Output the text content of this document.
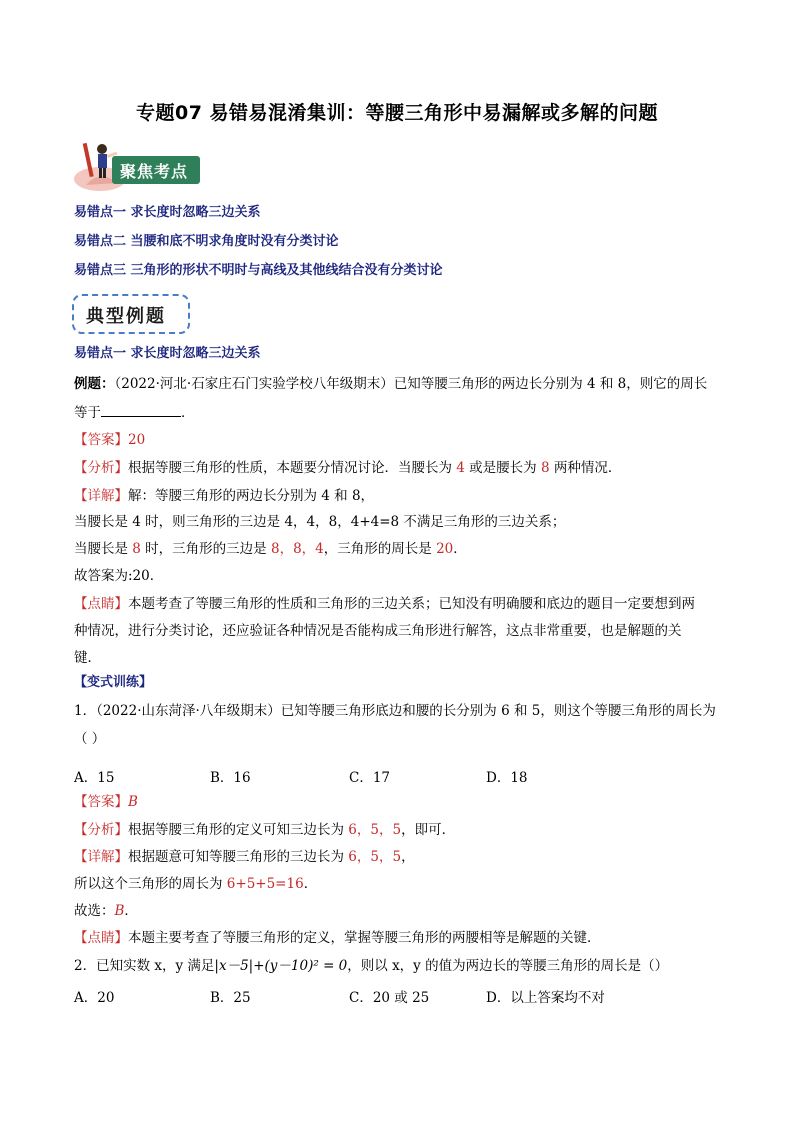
专题07 易错易混淆集训：等腰三角形中易漏解或多解的问题
聚焦考点
易错点一 求长度时忽略三边关系
易错点二 当腰和底不明求角度时没有分类讨论
易错点三 三角形的形状不明时与高线及其他线结合没有分类讨论
典型例题
易错点一 求长度时忽略三边关系
例题：（2022·河北·石家庄石门实验学校八年级期末）已知等腰三角形的两边长分别为 4 和 8，则它的周长
等于	．
【答案】20
【分析】根据等腰三角形的性质，本题要分情况讨论．当腰长为 4 或是腰长为 8 两种情况．
【详解】解：等腰三角形的两边长分别为 4 和 8，
当腰长是 4 时，则三角形的三边是 4，4，8，4+4=8 不满足三角形的三边关系；
当腰长是 8 时，三角形的三边是 8，8，4，三角形的周长是 20．
故答案为:20．
【点睛】本题考查了等腰三角形的性质和三角形的三边关系；已知没有明确腰和底边的题目一定要想到两
种情况，进行分类讨论，还应验证各种情况是否能构成三角形进行解答，这点非常重要，也是解题的关
键．
【变式训练】
1．（2022·山东菏泽·八年级期末）已知等腰三角形底边和腰的长分别为 6 和 5，则这个等腰三角形的周长为
（ ）
A．15	B．16	C．17	D．18
【答案】B
【分析】根据等腰三角形的定义可知三边长为 6，5，5，即可．
【详解】根据题意可知等腰三角形的三边长为 6，5，5，
所以这个三角形的周长为 6+5+5=16．
故选：B．
【点睛】本题主要考查了等腰三角形的定义，掌握等腰三角形的两腰相等是解题的关键．
2．已知实数 x，y 满足|x－5|+(y－10)² = 0，则以 x，y 的值为两边长的等腰三角形的周长是（）
A．20	B．25	C．20 或 25	D．以上答案均不对
